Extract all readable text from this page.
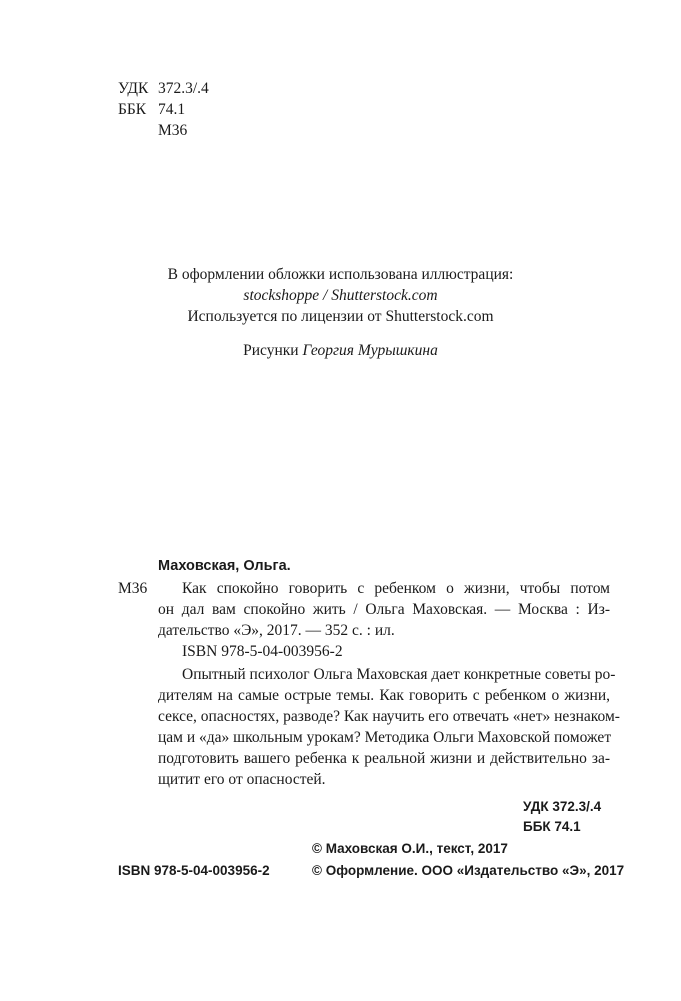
УДК 372.3/.4
ББК 74.1
М36
В оформлении обложки использована иллюстрация:
stockshoppe / Shutterstock.com
Используется по лицензии от Shutterstock.com
Рисунки Георгия Мурышкина
Маховская, Ольга.
М36 Как спокойно говорить с ребенком о жизни, чтобы потом
он дал вам спокойно жить / Ольга Маховская. — Москва : Из-
дательство «Э», 2017. — 352 с. : ил.
ISBN 978-5-04-003956-2
Опытный психолог Ольга Маховская дает конкретные советы ро-
дителям на самые острые темы. Как говорить с ребенком о жизни,
сексе, опасностях, разводе? Как научить его отвечать «нет» незнаком-
цам и «да» школьным урокам? Методика Ольги Маховской поможет
подготовить вашего ребенка к реальной жизни и действительно за-
щитит его от опасностей.
УДК 372.3/.4
ББК 74.1
© Маховская О.И., текст, 2017
ISBN 978-5-04-003956-2	© Оформление. ООО «Издательство «Э», 2017
